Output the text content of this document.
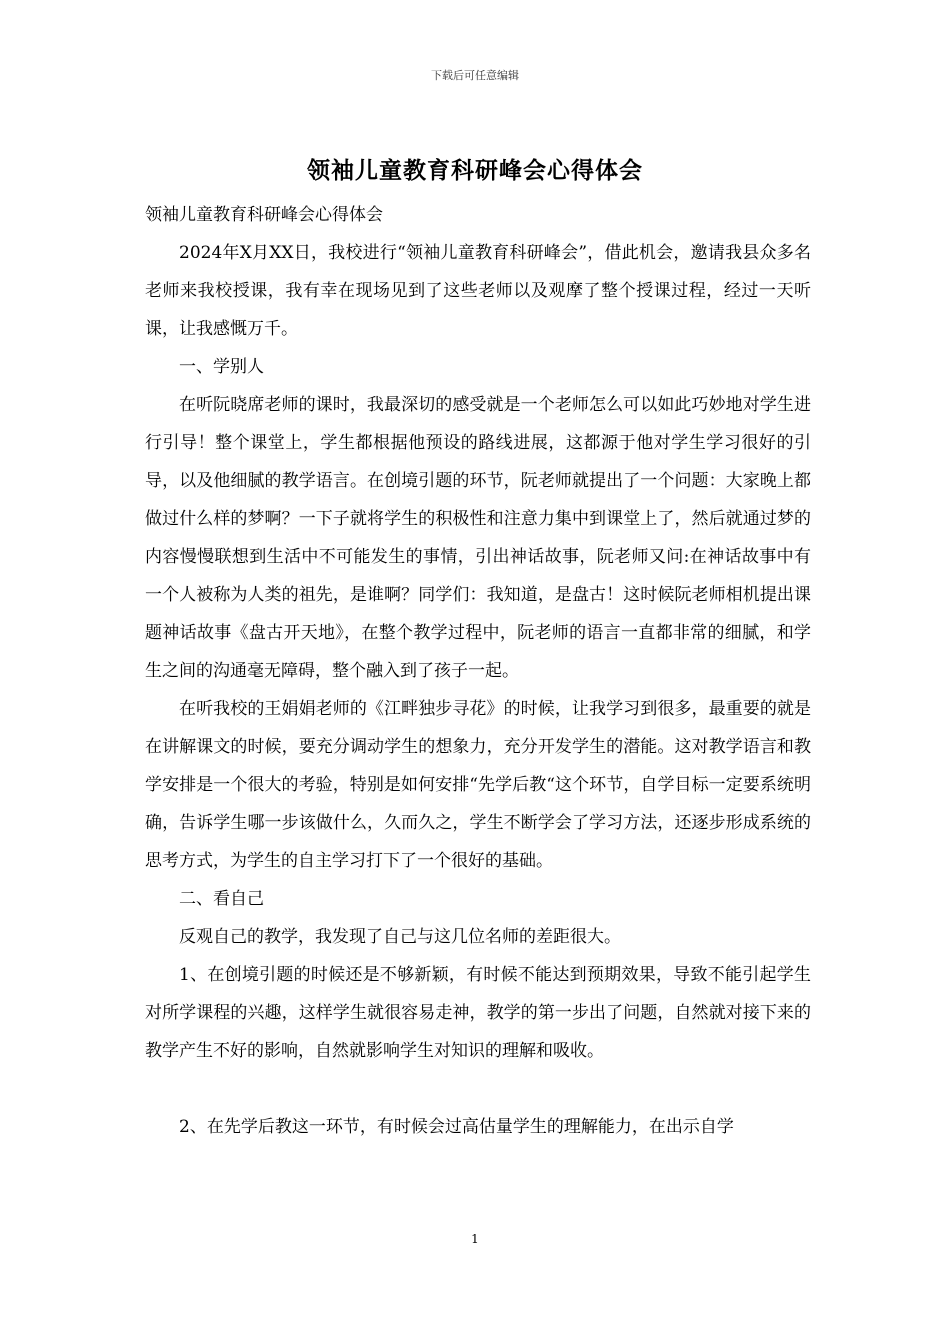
下载后可任意编辑
领袖儿童教育科研峰会心得体会

领袖儿童教育科研峰会心得体会

2024年X月XX日，我校进行“领袖儿童教育科研峰会”，借此机会，邀请我县众多名老师来我校授课，我有幸在现场见到了这些老师以及观摩了整个授课过程，经过一天听课，让我感慨万千。

一、学别人

在听阮晓席老师的课时，我最深切的感受就是一个老师怎么可以如此巧妙地对学生进行引导！整个课堂上，学生都根据他预设的路线进展，这都源于他对学生学习很好的引导，以及他细腻的教学语言。在创境引题的环节，阮老师就提出了一个问题：大家晚上都做过什么样的梦啊？一下子就将学生的积极性和注意力集中到课堂上了，然后就通过梦的内容慢慢联想到生活中不可能发生的事情，引出神话故事，阮老师又问:在神话故事中有一个人被称为人类的祖先，是谁啊？同学们：我知道，是盘古！这时候阮老师相机提出课题神话故事《盘古开天地》，在整个教学过程中，阮老师的语言一直都非常的细腻，和学生之间的沟通毫无障碍，整个融入到了孩子一起。

在听我校的王娟娟老师的《江畔独步寻花》的时候，让我学习到很多，最重要的就是在讲解课文的时候，要充分调动学生的想象力，充分开发学生的潜能。这对教学语言和教学安排是一个很大的考验，特别是如何安排“先学后教“这个环节，自学目标一定要系统明确，告诉学生哪一步该做什么，久而久之，学生不断学会了学习方法，还逐步形成系统的思考方式，为学生的自主学习打下了一个很好的基础。

二、看自己

反观自己的教学，我发现了自己与这几位名师的差距很大。

1、在创境引题的时候还是不够新颖，有时候不能达到预期效果，导致不能引起学生对所学课程的兴趣，这样学生就很容易走神，教学的第一步出了问题，自然就对接下来的教学产生不好的影响，自然就影响学生对知识的理解和吸收。

2、在先学后教这一环节，有时候会过高估量学生的理解能力，在出示自学

1
